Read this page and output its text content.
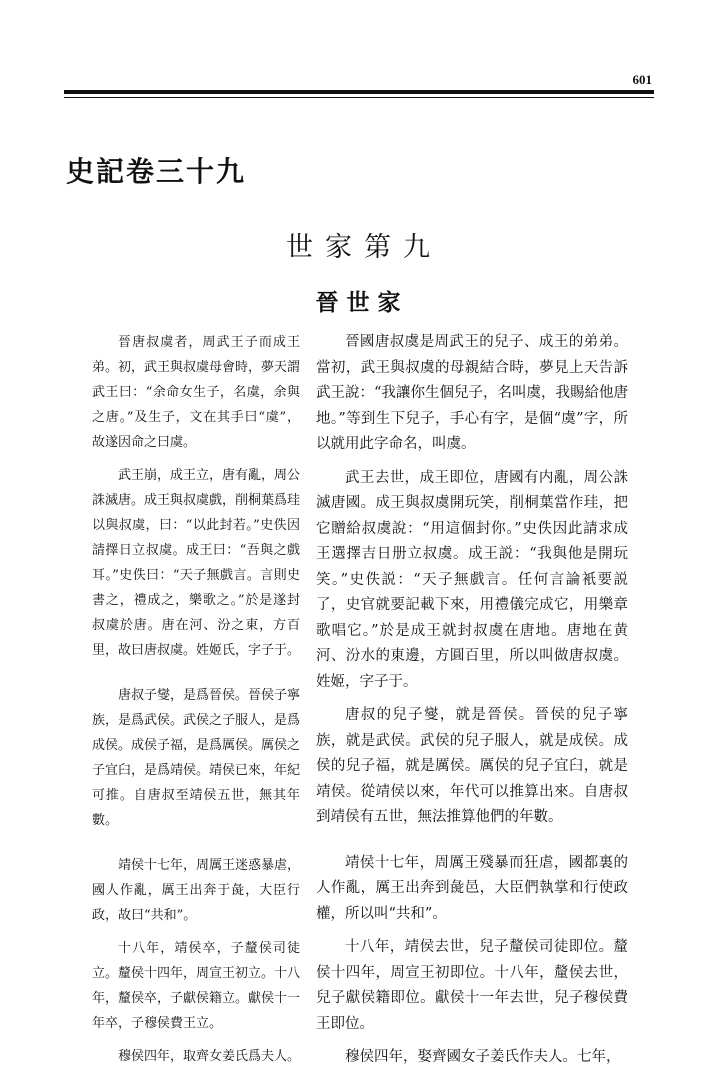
601
史記卷三十九
世家第九
晉世家

晉唐叔虞者，周武王子而成王弟。初，武王與叔虞母會時，夢天謂武王曰：“余命女生子，名虞，余與之唐。”及生子，文在其手曰“虞”，故遂因命之曰虞。

武王崩，成王立，唐有亂，周公誅滅唐。成王與叔虞戲，削桐葉爲珪以與叔虞，曰：“以此封若。”史佚因請擇日立叔虞。成王曰：“吾與之戲耳。”史佚曰：“天子無戲言。言則史書之，禮成之，樂歌之。”於是遂封叔虞於唐。唐在河、汾之東，方百里，故曰唐叔虞。姓姬氏，字子于。

唐叔子燮，是爲晉侯。晉侯子寧族，是爲武侯。武侯之子服人，是爲成侯。成侯子福，是爲厲侯。厲侯之子宜臼，是爲靖侯。靖侯已來，年紀可推。自唐叔至靖侯五世，無其年數。

靖侯十七年，周厲王迷惑暴虐，國人作亂，厲王出奔于彘，大臣行政，故曰“共和”。

十八年，靖侯卒，子釐侯司徒立。釐侯十四年，周宣王初立。十八年，釐侯卒，子獻侯籍立。獻侯十一年卒，子穆侯費王立。

穆侯四年，取齊女姜氏爲夫人。

晉國唐叔虞是周武王的兒子、成王的弟弟。當初，武王與叔虞的母親結合時，夢見上天告訴武王說：“我讓你生個兒子，名叫虞，我賜給他唐地。”等到生下兒子，手心有字，是個“虞”字，所以就用此字命名，叫虞。

武王去世，成王即位，唐國有内亂，周公誅滅唐國。成王與叔虞開玩笑，削桐葉當作珪，把它贈給叔虞說：“用這個封你。”史佚因此請求成王選擇吉日册立叔虞。成王説：“我與他是開玩笑。”史佚説：“天子無戲言。任何言論衹要説了，史官就要記載下來，用禮儀完成它，用樂章歌唱它。”於是成王就封叔虞在唐地。唐地在黄河、汾水的東邊，方圓百里，所以叫做唐叔虞。姓姬，字子于。

唐叔的兒子燮，就是晉侯。晉侯的兒子寧族，就是武侯。武侯的兒子服人，就是成侯。成侯的兒子福，就是厲侯。厲侯的兒子宜臼，就是靖侯。從靖侯以來，年代可以推算出來。自唐叔到靖侯有五世，無法推算他們的年數。

靖侯十七年，周厲王殘暴而狂虐，國都裏的人作亂，厲王出奔到彘邑，大臣們執掌和行使政權，所以叫“共和”。

十八年，靖侯去世，兒子釐侯司徒即位。釐侯十四年，周宣王初即位。十八年，釐侯去世，兒子獻侯籍即位。獻侯十一年去世，兒子穆侯費王即位。

穆侯四年，娶齊國女子姜氏作夫人。七年，
